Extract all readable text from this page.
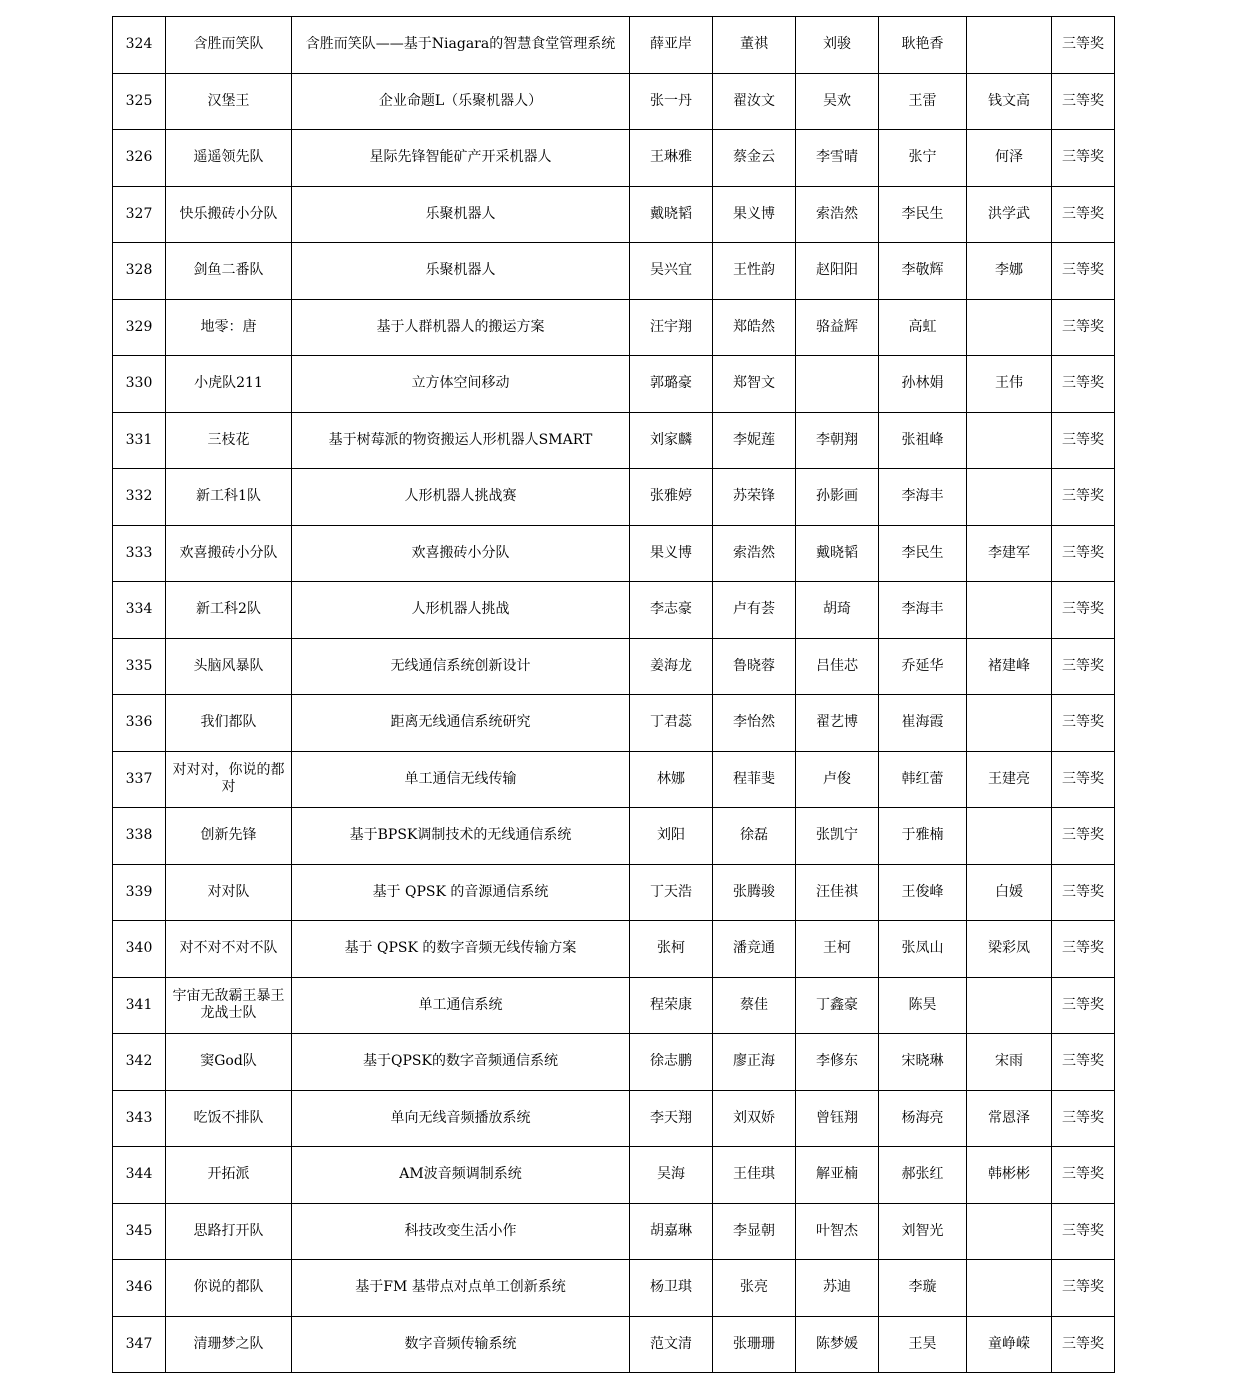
324	含胜而笑队	含胜而笑队——基于Niagara的智慧食堂管理系统	薛亚岸	董祺	刘骏	耿艳香		三等奖
325	汉堡王	企业命题L（乐聚机器人）	张一丹	翟汝文	吴欢	王雷	钱文高	三等奖
326	遥遥领先队	星际先锋智能矿产开采机器人	王琳雅	蔡金云	李雪晴	张宁	何泽	三等奖
327	快乐搬砖小分队	乐聚机器人	戴晓韬	果义博	索浩然	李民生	洪学武	三等奖
328	剑鱼二番队	乐聚机器人	吴兴宜	王性韵	赵阳阳	李敬辉	李娜	三等奖
329	地零：唐	基于人群机器人的搬运方案	汪宇翔	郑皓然	骆益辉	高虹		三等奖
330	小虎队211	立方体空间移动	郭璐豪	郑智文		孙林娟	王伟	三等奖
331	三枝花	基于树莓派的物资搬运人形机器人SMART	刘家麟	李妮莲	李朝翔	张祖峰		三等奖
332	新工科1队	人形机器人挑战赛	张雅婷	苏荣锋	孙影画	李海丰		三等奖
333	欢喜搬砖小分队	欢喜搬砖小分队	果义博	索浩然	戴晓韬	李民生	李建军	三等奖
334	新工科2队	人形机器人挑战	李志豪	卢有荟	胡琦	李海丰		三等奖
335	头脑风暴队	无线通信系统创新设计	姜海龙	鲁晓蓉	吕佳芯	乔延华	褚建峰	三等奖
336	我们都队	距离无线通信系统研究	丁君蕊	李怡然	翟艺博	崔海霞		三等奖
337	对对对，你说的都对	单工通信无线传输	林娜	程菲斐	卢俊	韩红蕾	王建亮	三等奖
338	创新先锋	基于BPSK调制技术的无线通信系统	刘阳	徐磊	张凯宁	于雅楠		三等奖
339	对对队	基于 QPSK 的音源通信系统	丁天浩	张腾骏	汪佳祺	王俊峰	白媛	三等奖
340	对不对不对不队	基于 QPSK 的数字音频无线传输方案	张柯	潘竞通	王柯	张凤山	梁彩凤	三等奖
341	宇宙无敌霸王暴王龙战士队	单工通信系统	程荣康	蔡佳	丁鑫豪	陈昊		三等奖
342	窦God队	基于QPSK的数字音频通信系统	徐志鹏	廖正海	李修东	宋晓琳	宋雨	三等奖
343	吃饭不排队	单向无线音频播放系统	李天翔	刘双娇	曾钰翔	杨海亮	常恩泽	三等奖
344	开拓派	AM波音频调制系统	吴海	王佳琪	解亚楠	郝张红	韩彬彬	三等奖
345	思路打开队	科技改变生活小作	胡嘉琳	李显朝	叶智杰	刘智光		三等奖
346	你说的都队	基于FM 基带点对点单工创新系统	杨卫琪	张亮	苏迪	李璇		三等奖
347	清珊梦之队	数字音频传输系统	范文清	张珊珊	陈梦媛	王昊	童峥嵘	三等奖
